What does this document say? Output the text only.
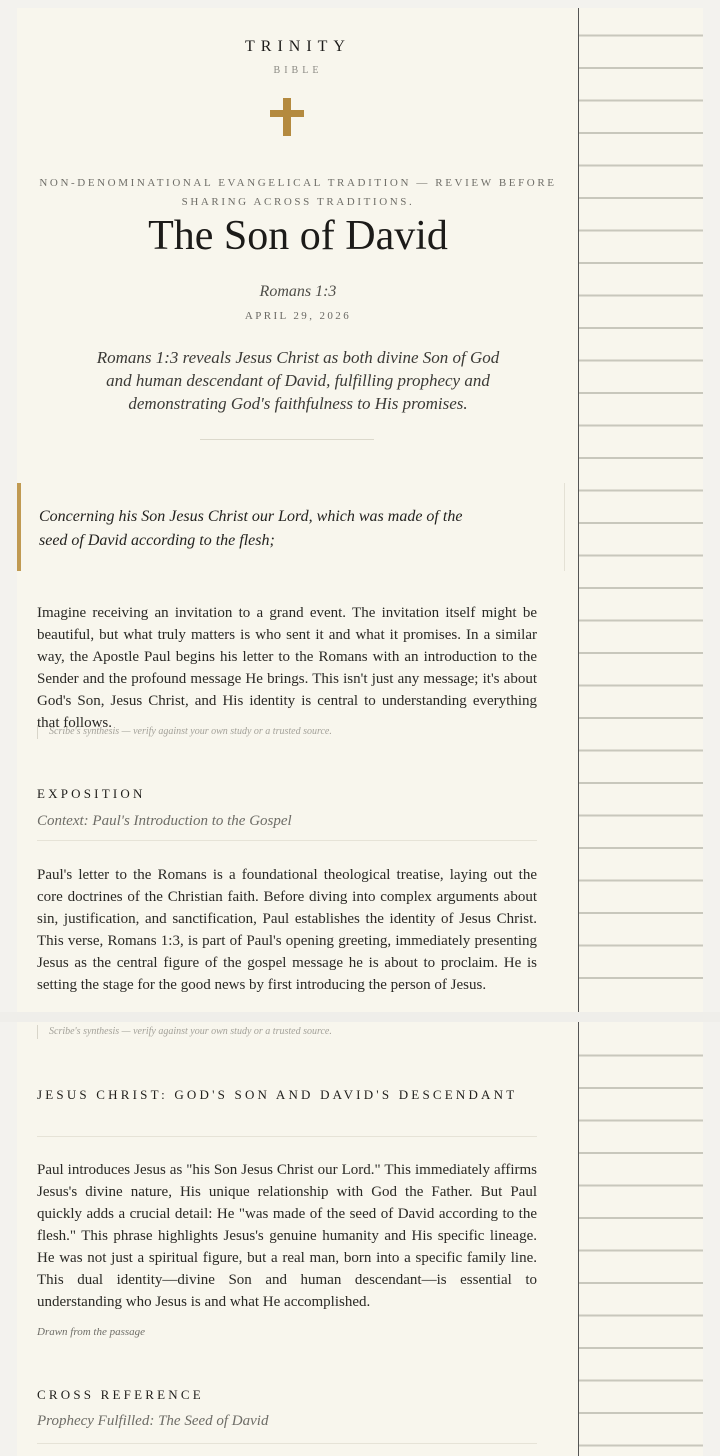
TRINITY
BIBLE
NON-DENOMINATIONAL EVANGELICAL TRADITION — REVIEW BEFORE SHARING ACROSS TRADITIONS.
The Son of David
Romans 1:3
APRIL 29, 2026
Romans 1:3 reveals Jesus Christ as both divine Son of God and human descendant of David, fulfilling prophecy and demonstrating God's faithfulness to His promises.
Concerning his Son Jesus Christ our Lord, which was made of the seed of David according to the flesh;
Imagine receiving an invitation to a grand event. The invitation itself might be beautiful, but what truly matters is who sent it and what it promises. In a similar way, the Apostle Paul begins his letter to the Romans with an introduction to the Sender and the profound message He brings. This isn't just any message; it's about God's Son, Jesus Christ, and His identity is central to understanding everything that follows.
Scribe's synthesis — verify against your own study or a trusted source.
EXPOSITION
Context: Paul's Introduction to the Gospel
Paul's letter to the Romans is a foundational theological treatise, laying out the core doctrines of the Christian faith. Before diving into complex arguments about sin, justification, and sanctification, Paul establishes the identity of Jesus Christ. This verse, Romans 1:3, is part of Paul's opening greeting, immediately presenting Jesus as the central figure of the gospel message he is about to proclaim. He is setting the stage for the good news by first introducing the person of Jesus.
Scribe's synthesis — verify against your own study or a trusted source.
JESUS CHRIST: GOD'S SON AND DAVID'S DESCENDANT
Paul introduces Jesus as "his Son Jesus Christ our Lord." This immediately affirms Jesus's divine nature, His unique relationship with God the Father. But Paul quickly adds a crucial detail: He "was made of the seed of David according to the flesh." This phrase highlights Jesus's genuine humanity and His specific lineage. He was not just a spiritual figure, but a real man, born into a specific family line. This dual identity—divine Son and human descendant—is essential to understanding who Jesus is and what He accomplished.
Drawn from the passage
CROSS REFERENCE
Prophecy Fulfilled: The Seed of David
